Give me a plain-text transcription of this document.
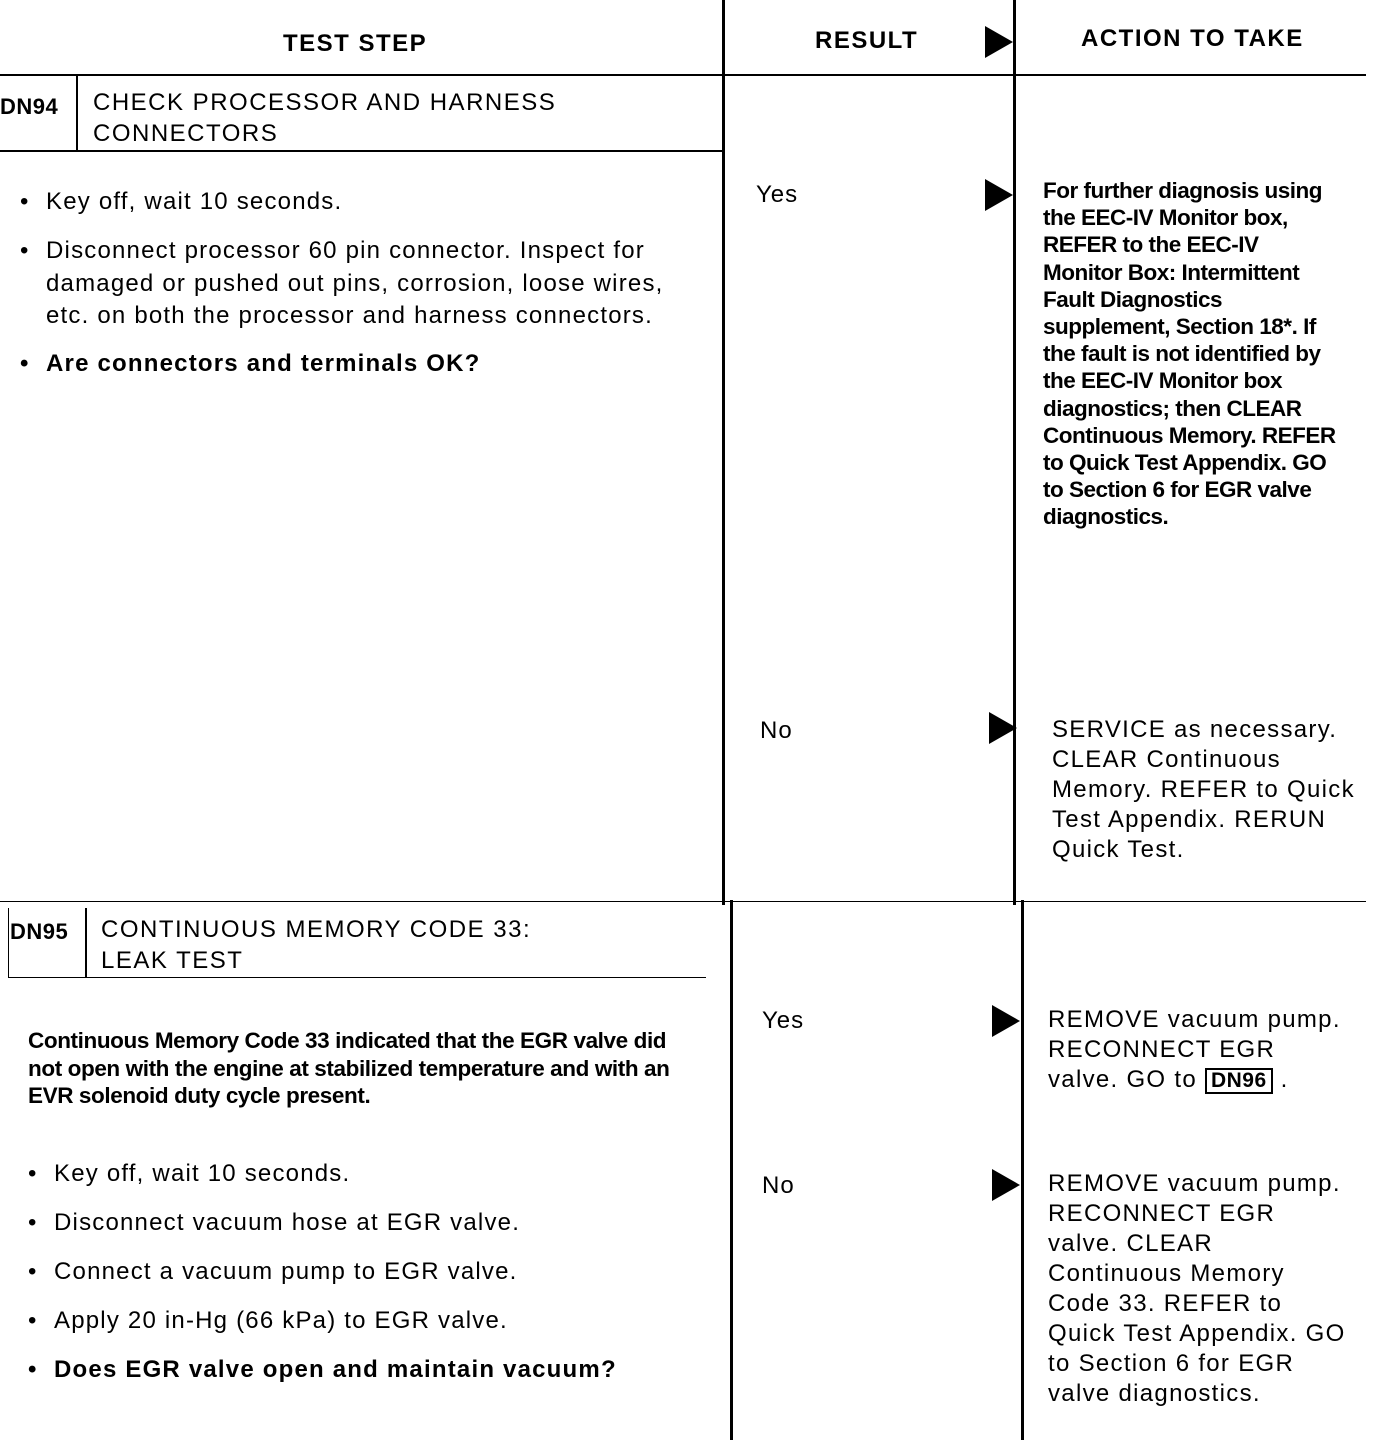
TEST STEP	RESULT	ACTION TO TAKE
DN94 CHECK PROCESSOR AND HARNESS
CONNECTORS
• Key off, wait 10 seconds.
• Disconnect processor 60 pin connector. Inspect for damaged or pushed out pins, corrosion, loose wires, etc. on both the processor and harness connectors.
• Are connectors and terminals OK?
Yes	For further diagnosis using the EEC-IV Monitor box, REFER to the EEC-IV Monitor Box: Intermittent Fault Diagnostics supplement, Section 18*. If the fault is not identified by the EEC-IV Monitor box diagnostics; then CLEAR Continuous Memory. REFER to Quick Test Appendix. GO to Section 6 for EGR valve diagnostics.
No	SERVICE as necessary. CLEAR Continuous Memory. REFER to Quick Test Appendix. RERUN Quick Test.
DN95 CONTINUOUS MEMORY CODE 33:
LEAK TEST
Continuous Memory Code 33 indicated that the EGR valve did not open with the engine at stabilized temperature and with an EVR solenoid duty cycle present.
• Key off, wait 10 seconds.
• Disconnect vacuum hose at EGR valve.
• Connect a vacuum pump to EGR valve.
• Apply 20 in-Hg (66 kPa) to EGR valve.
• Does EGR valve open and maintain vacuum?
Yes	REMOVE vacuum pump. RECONNECT EGR valve. GO to DN96 .
No	REMOVE vacuum pump. RECONNECT EGR valve. CLEAR Continuous Memory Code 33. REFER to Quick Test Appendix. GO to Section 6 for EGR valve diagnostics.
